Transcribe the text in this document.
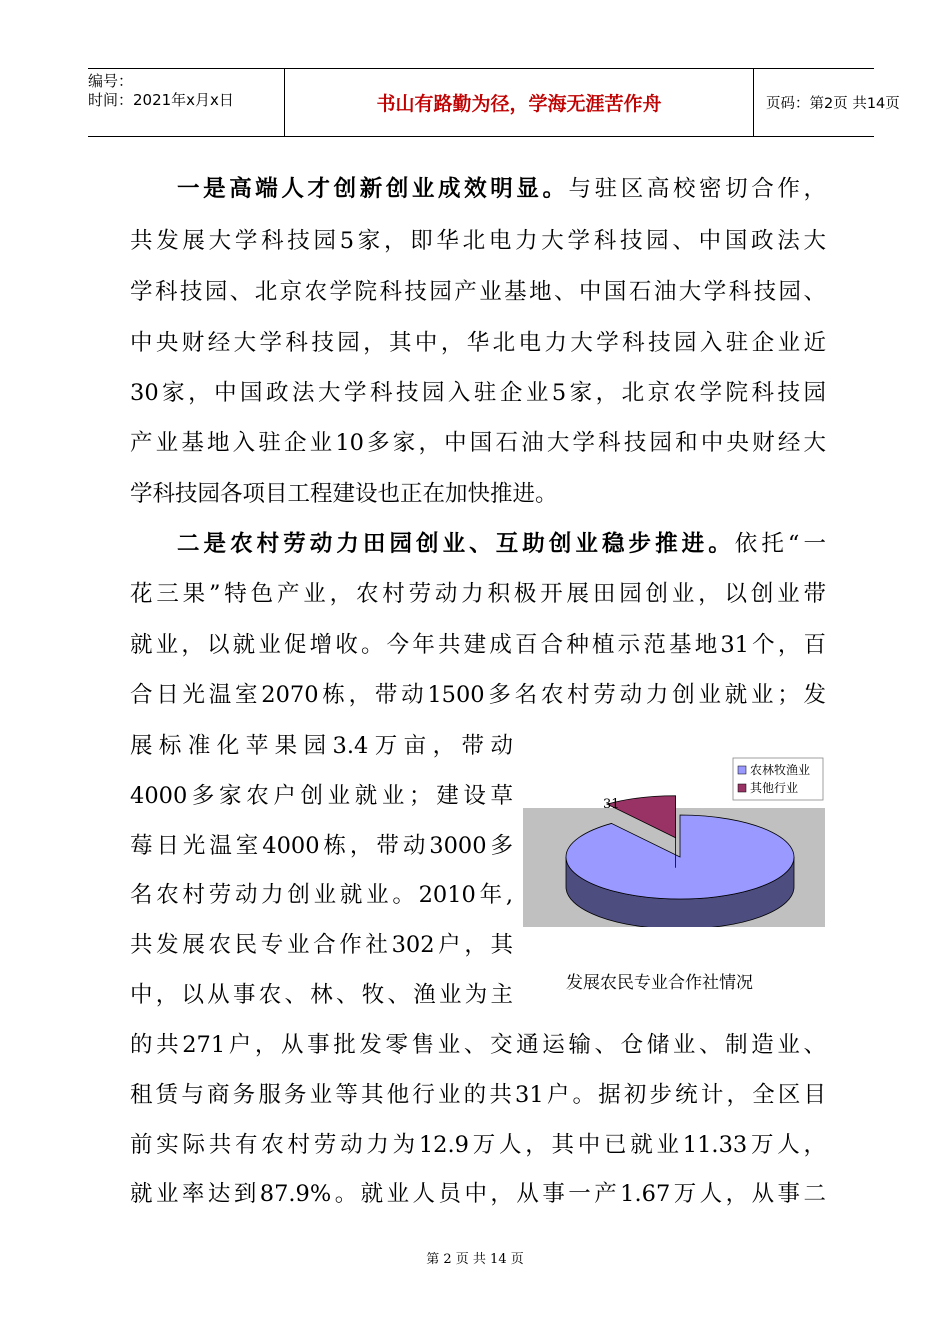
编号：
时间：2021年x月x日	书山有路勤为径，学海无涯苦作舟	页码：第2页 共14页
一是高端人才创新创业成效明显。与驻区高校密切合作，
共发展大学科技园5家，即华北电力大学科技园、中国政法大
学科技园、北京农学院科技园产业基地、中国石油大学科技园、
中央财经大学科技园，其中，华北电力大学科技园入驻企业近
30家，中国政法大学科技园入驻企业5家，北京农学院科技园
产业基地入驻企业10多家，中国石油大学科技园和中央财经大
学科技园各项目工程建设也正在加快推进。
二是农村劳动力田园创业、互助创业稳步推进。依托“一
花三果”特色产业，农村劳动力积极开展田园创业，以创业带
就业，以就业促增收。今年共建成百合种植示范基地31个，百
合日光温室2070栋，带动1500多名农村劳动力创业就业；发
展标准化苹果园3.4万亩，带动
4000多家农户创业就业；建设草
莓日光温室4000栋，带动3000多
名农村劳动力创业就业。2010年,
共发展农民专业合作社302户，其
中，以从事农、林、牧、渔业为主
的共271户，从事批发零售业、交通运输、仓储业、制造业、
租赁与商务服务业等其他行业的共31户。据初步统计，全区目
前实际共有农村劳动力为12.9万人，其中已就业11.33万人，
就业率达到87.9%。就业人员中，从事一产1.67万人，从事二
农林牧渔业
其他行业
31
发展农民专业合作社情况
第 2 页 共 14 页
